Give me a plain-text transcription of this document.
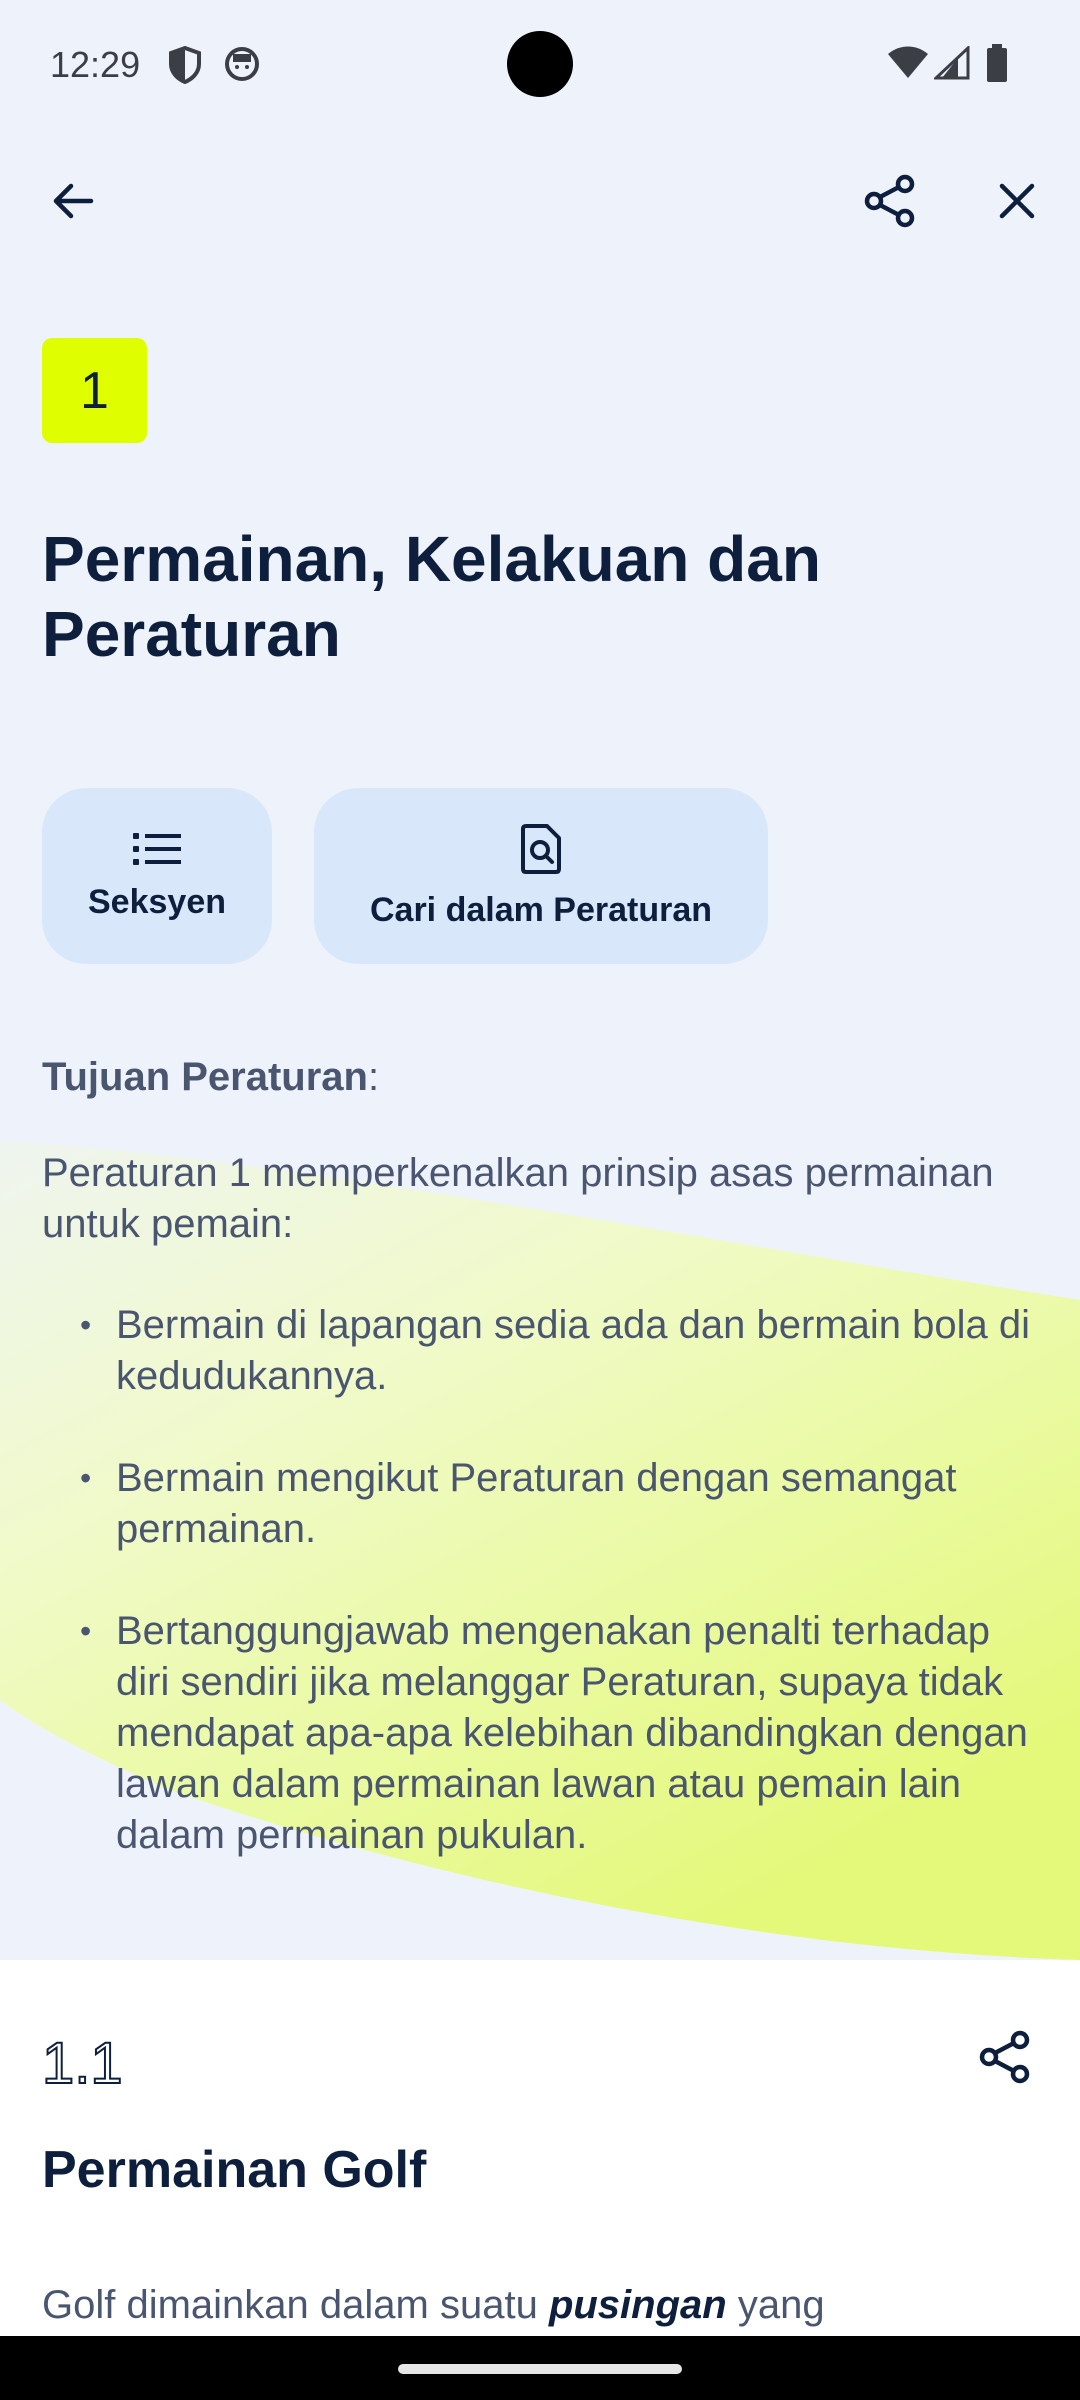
12:29
1
Permainan, Kelakuan dan Peraturan
Seksyen	Cari dalam Peraturan

Tujuan Peraturan:

Peraturan 1 memperkenalkan prinsip asas permainan untuk pemain:

• Bermain di lapangan sedia ada dan bermain bola di kedudukannya.
• Bermain mengikut Peraturan dengan semangat permainan.
• Bertanggungjawab mengenakan penalti terhadap diri sendiri jika melanggar Peraturan, supaya tidak mendapat apa-apa kelebihan dibandingkan dengan lawan dalam permainan lawan atau pemain lain dalam permainan pukulan.
1.1
Permainan Golf

Golf dimainkan dalam suatu pusingan yang
